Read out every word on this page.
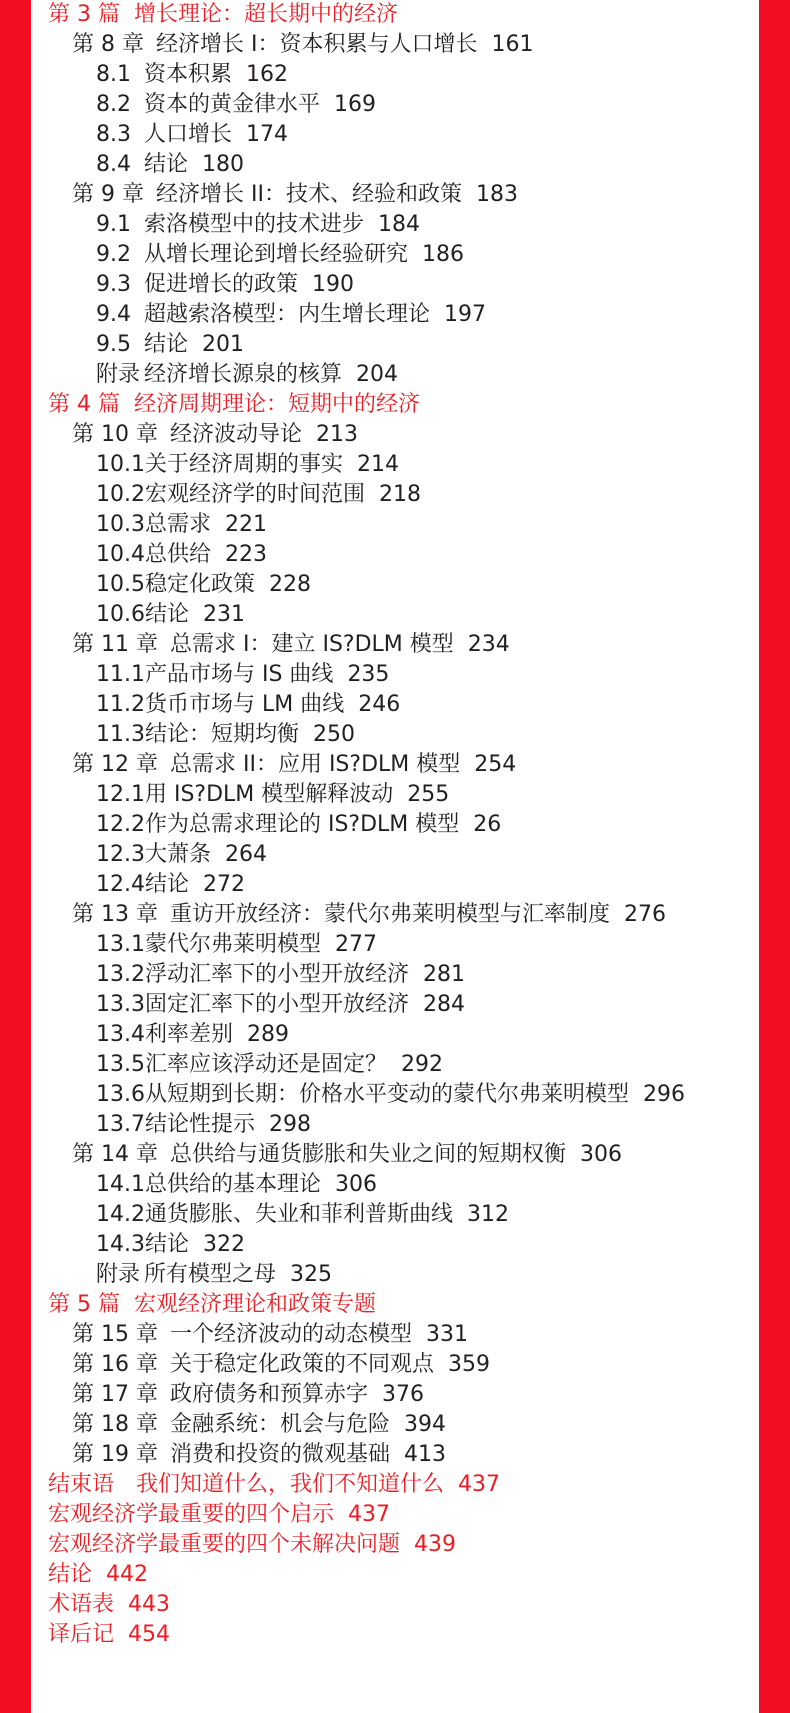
第 3 篇 增长理论：超长期中的经济
第 8 章 经济增长 I：资本积累与人口增长 161
8.1 资本积累 162
8.2 资本的黄金律水平 169
8.3 人口增长 174
8.4 结论 180
第 9 章 经济增长 II：技术、经验和政策 183
9.1 索洛模型中的技术进步 184
9.2 从增长理论到增长经验研究 186
9.3 促进增长的政策 190
9.4 超越索洛模型：内生增长理论 197
9.5 结论 201
附录 经济增长源泉的核算 204
第 4 篇 经济周期理论：短期中的经济
第 10 章 经济波动导论 213
10.1关于经济周期的事实 214
10.2宏观经济学的时间范围 218
10.3总需求 221
10.4总供给 223
10.5稳定化政策 228
10.6结论 231
第 11 章 总需求 I：建立 IS?DLM 模型 234
11.1产品市场与 IS 曲线 235
11.2货币市场与 LM 曲线 246
11.3结论：短期均衡 250
第 12 章 总需求 II：应用 IS?DLM 模型 254
12.1用 IS?DLM 模型解释波动 255
12.2作为总需求理论的 IS?DLM 模型 26
12.3大萧条 264
12.4结论 272
第 13 章 重访开放经济：蒙代尔弗莱明模型与汇率制度 276
13.1蒙代尔弗莱明模型 277
13.2浮动汇率下的小型开放经济 281
13.3固定汇率下的小型开放经济 284
13.4利率差别 289
13.5汇率应该浮动还是固定？ 292
13.6从短期到长期：价格水平变动的蒙代尔弗莱明模型 296
13.7结论性提示 298
第 14 章 总供给与通货膨胀和失业之间的短期权衡 306
14.1总供给的基本理论 306
14.2通货膨胀、失业和菲利普斯曲线 312
14.3结论 322
附录 所有模型之母 325
第 5 篇 宏观经济理论和政策专题
第 15 章 一个经济波动的动态模型 331
第 16 章 关于稳定化政策的不同观点 359
第 17 章 政府债务和预算赤字 376
第 18 章 金融系统：机会与危险 394
第 19 章 消费和投资的微观基础 413
结束语　我们知道什么，我们不知道什么 437
宏观经济学最重要的四个启示 437
宏观经济学最重要的四个未解决问题 439
结论 442
术语表 443
译后记 454
